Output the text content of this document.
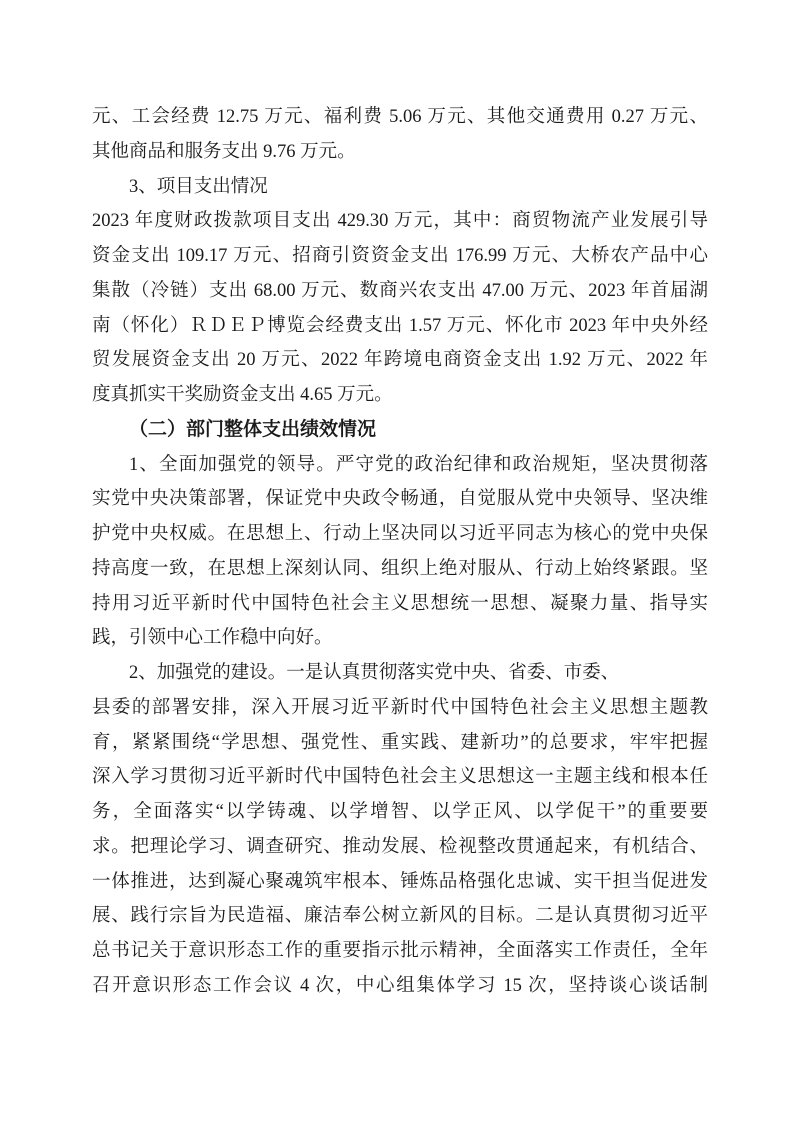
元、工会经费 12.75 万元、福利费 5.06 万元、其他交通费用 0.27 万元、
其他商品和服务支出 9.76 万元。
3、项目支出情况
2023 年度财政拨款项目支出 429.30 万元，其中：商贸物流产业发展引导
资金支出 109.17 万元、招商引资资金支出 176.99 万元、大桥农产品中心
集散（冷链）支出 68.00 万元、数商兴农支出 47.00 万元、2023 年首届湖
南（怀化）ＲＤＥＰ博览会经费支出 1.57 万元、怀化市 2023 年中央外经
贸发展资金支出 20 万元、2022 年跨境电商资金支出 1.92 万元、2022 年
度真抓实干奖励资金支出 4.65 万元。
（二）部门整体支出绩效情况
1、全面加强党的领导。严守党的政治纪律和政治规矩，坚决贯彻落
实党中央决策部署，保证党中央政令畅通，自觉服从党中央领导、坚决维
护党中央权威。在思想上、行动上坚决同以习近平同志为核心的党中央保
持高度一致，在思想上深刻认同、组织上绝对服从、行动上始终紧跟。坚
持用习近平新时代中国特色社会主义思想统一思想、凝聚力量、指导实
践，引领中心工作稳中向好。
2、加强党的建设。一是认真贯彻落实党中央、省委、市委、
县委的部署安排，深入开展习近平新时代中国特色社会主义思想主题教
育，紧紧围绕“学思想、强党性、重实践、建新功”的总要求，牢牢把握
深入学习贯彻习近平新时代中国特色社会主义思想这一主题主线和根本任
务，全面落实“以学铸魂、以学增智、以学正风、以学促干”的重要要
求。把理论学习、调查研究、推动发展、检视整改贯通起来，有机结合、
一体推进，达到凝心聚魂筑牢根本、锤炼品格强化忠诚、实干担当促进发
展、践行宗旨为民造福、廉洁奉公树立新风的目标。二是认真贯彻习近平
总书记关于意识形态工作的重要指示批示精神，全面落实工作责任，全年
召开意识形态工作会议 4 次，中心组集体学习 15 次，坚持谈心谈话制
